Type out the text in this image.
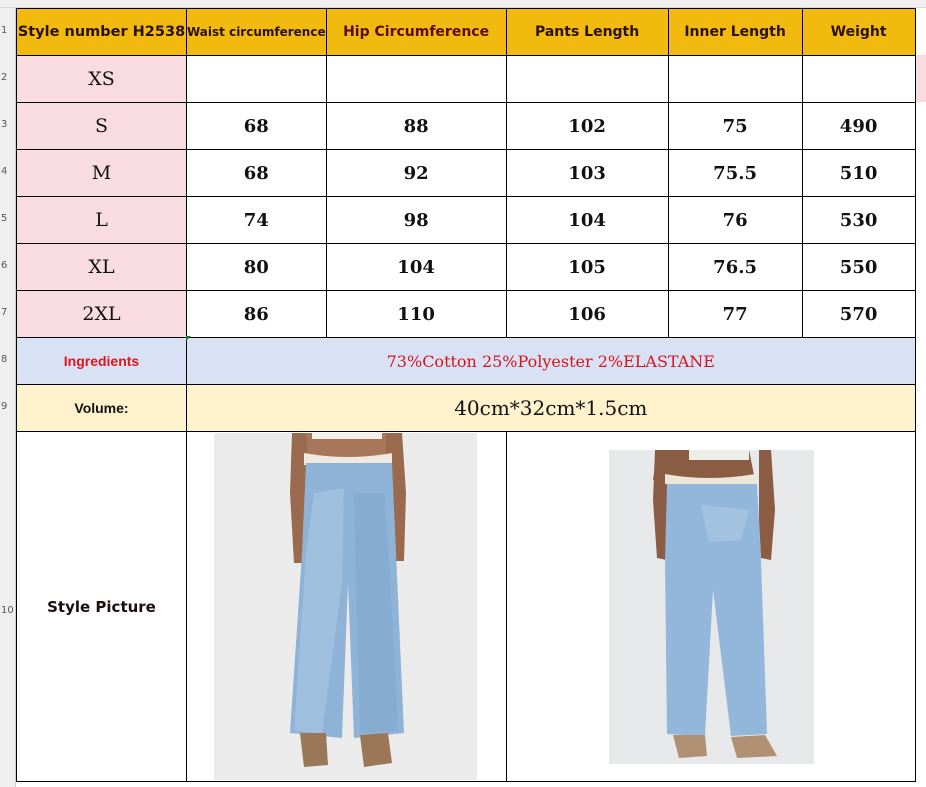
1
2
3
4
5
6
7
8
9
10
Style number H2538	Waist circumference	Hip Circumference	Pants Length	Inner Length	Weight
XS					
S	68	88	102	75	490
M	68	92	103	75.5	510
L	74	98	104	76	530
XL	80	104	105	76.5	550
2XL	86	110	106	77	570
Ingredients	73%Cotton 25%Polyester 2%ELASTANE				
Volume:	40cm*32cm*1.5cm				
Style Picture	
